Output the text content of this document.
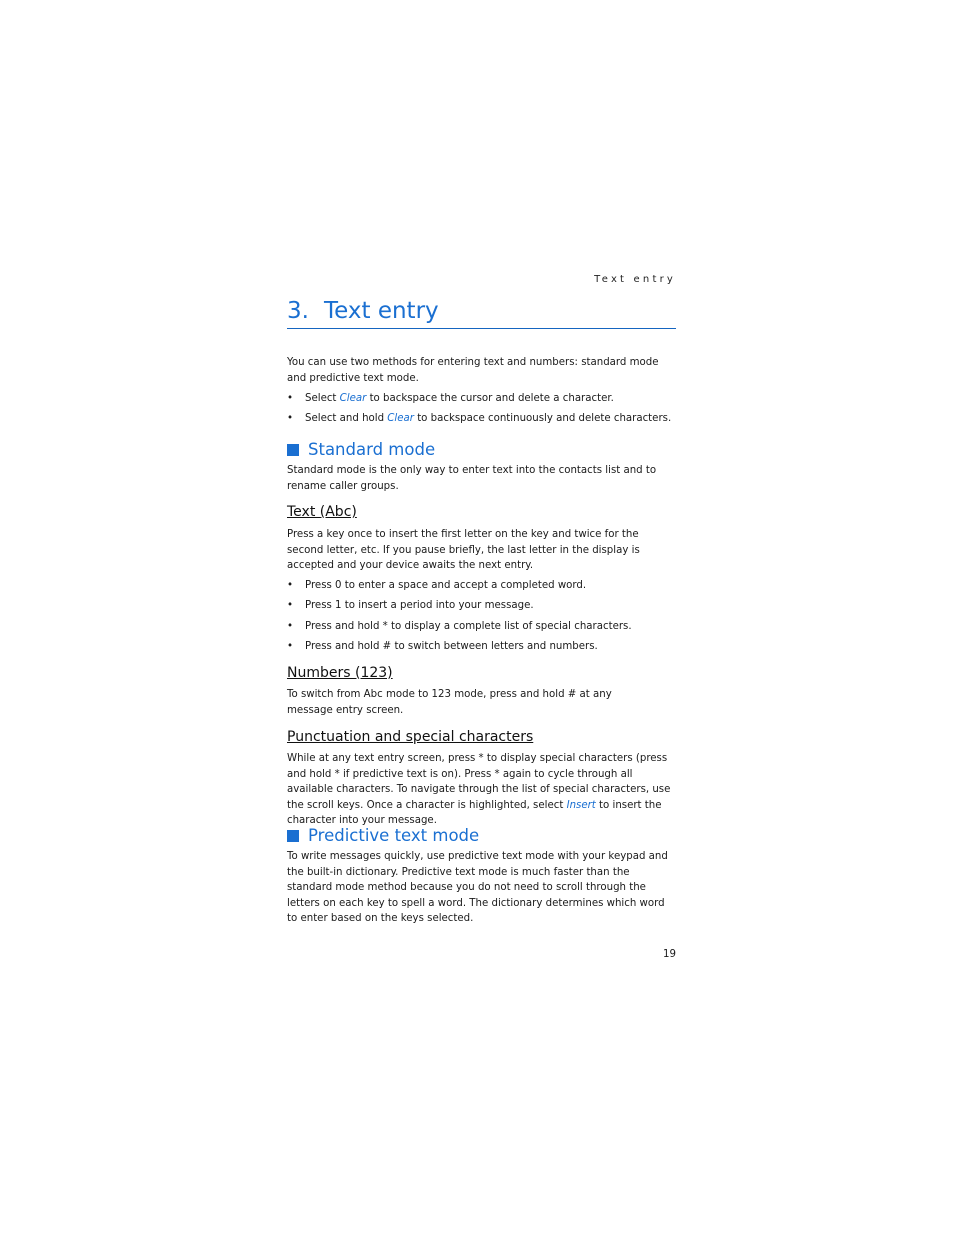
Text entry
3. Text entry

You can use two methods for entering text and numbers: standard mode and predictive text mode.

• Select Clear to backspace the cursor and delete a character.
• Select and hold Clear to backspace continuously and delete characters.
Standard mode

Standard mode is the only way to enter text into the contacts list and to rename caller groups.

Text (Abc)

Press a key once to insert the first letter on the key and twice for the second letter, etc. If you pause briefly, the last letter in the display is accepted and your device awaits the next entry.

• Press 0 to enter a space and accept a completed word.
• Press 1 to insert a period into your message.
• Press and hold * to display a complete list of special characters.
• Press and hold # to switch between letters and numbers.
Numbers (123)

To switch from Abc mode to 123 mode, press and hold # at any message entry screen.

Punctuation and special characters

While at any text entry screen, press * to display special characters (press and hold * if predictive text is on). Press * again to cycle through all available characters. To navigate through the list of special characters, use the scroll keys. Once a character is highlighted, select Insert to insert the character into your message.

Predictive text mode

To write messages quickly, use predictive text mode with your keypad and the built-in dictionary. Predictive text mode is much faster than the standard mode method because you do not need to scroll through the letters on each key to spell a word. The dictionary determines which word to enter based on the keys selected.

19
